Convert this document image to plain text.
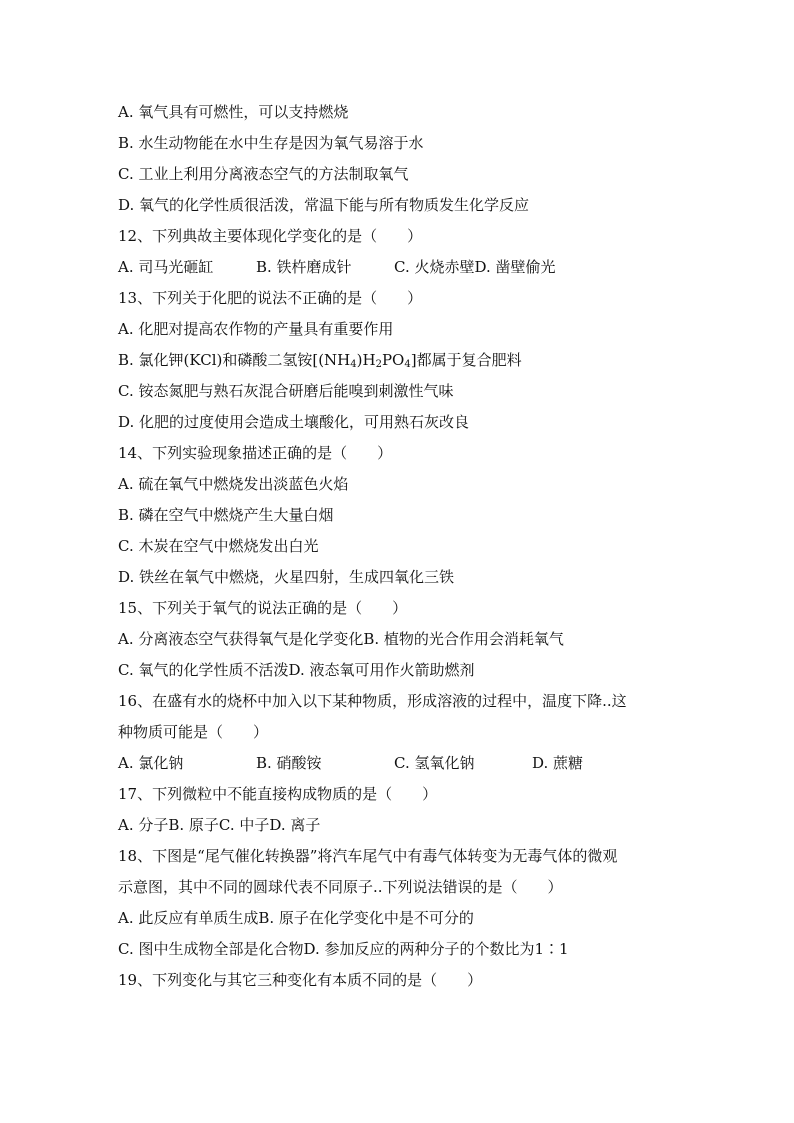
A. 氧气具有可燃性，可以支持燃烧
B. 水生动物能在水中生存是因为氧气易溶于水
C. 工业上利用分离液态空气的方法制取氧气
D. 氧气的化学性质很活泼，常温下能与所有物质发生化学反应
12、下列典故主要体现化学变化的是（　　）
A. 司马光砸缸	B. 铁杵磨成针	C. 火烧赤壁D. 凿壁偷光
13、下列关于化肥的说法不正确的是（　　）
A. 化肥对提高农作物的产量具有重要作用
B. 氯化钾(KCl)和磷酸二氢铵$[(NH_4)H_2PO_4]$都属于复合肥料
C. 铵态氮肥与熟石灰混合研磨后能嗅到刺激性气味
D. 化肥的过度使用会造成土壤酸化，可用熟石灰改良
14、下列实验现象描述正确的是（　　）
A. 硫在氧气中燃烧发出淡蓝色火焰
B. 磷在空气中燃烧产生大量白烟
C. 木炭在空气中燃烧发出白光
D. 铁丝在氧气中燃烧，火星四射，生成四氧化三铁
15、下列关于氧气的说法正确的是（　　）
A. 分离液态空气获得氧气是化学变化B. 植物的光合作用会消耗氧气
C. 氧气的化学性质不活泼D. 液态氧可用作火箭助燃剂
16、在盛有水的烧杯中加入以下某种物质，形成溶液的过程中，温度下降..这
种物质可能是（　　）
A. 氯化钠	B. 硝酸铵	C. 氢氧化钠	D. 蔗糖
17、下列微粒中不能直接构成物质的是（　　）
A. 分子B. 原子C. 中子D. 离子
18、下图是“尾气催化转换器”将汽车尾气中有毒气体转变为无毒气体的微观
示意图，其中不同的圆球代表不同原子..下列说法错误的是（　　）
A. 此反应有单质生成B. 原子在化学变化中是不可分的
C. 图中生成物全部是化合物D. 参加反应的两种分子的个数比为1∶1
19、下列变化与其它三种变化有本质不同的是（　　）
